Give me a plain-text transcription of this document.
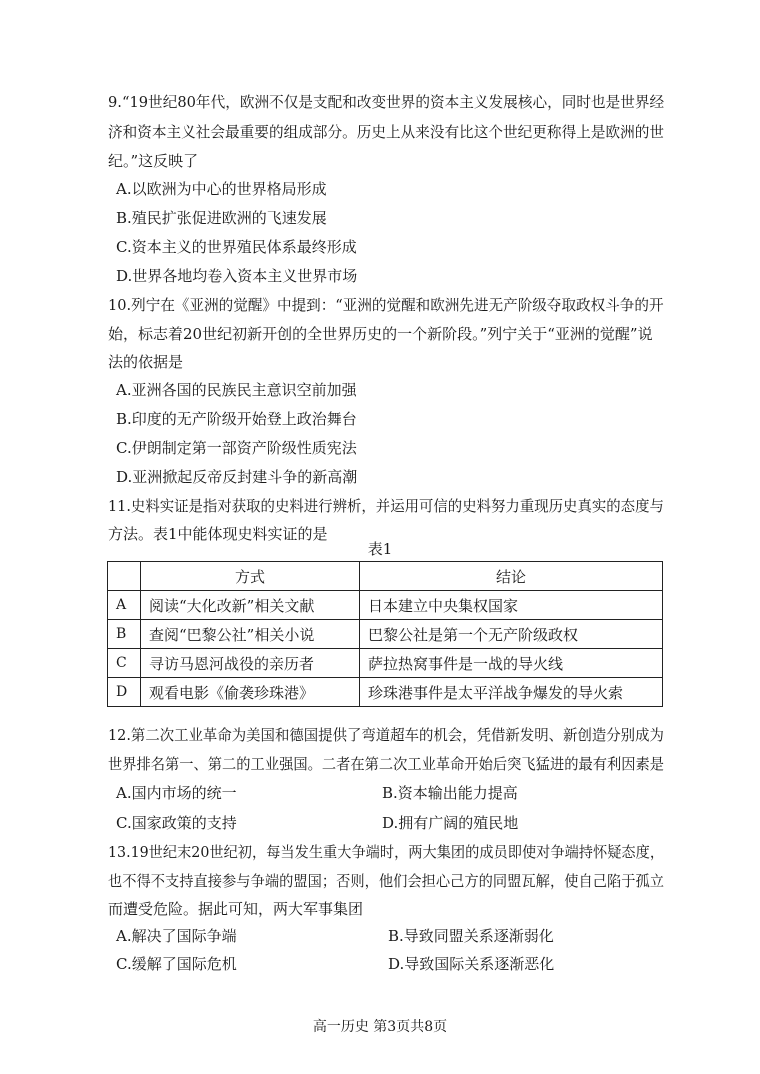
9.“19世纪80年代，欧洲不仅是支配和改变世界的资本主义发展核心，同时也是世界经
济和资本主义社会最重要的组成部分。历史上从来没有比这个世纪更称得上是欧洲的世
纪。”这反映了
A.以欧洲为中心的世界格局形成
B.殖民扩张促进欧洲的飞速发展
C.资本主义的世界殖民体系最终形成
D.世界各地均卷入资本主义世界市场
10.列宁在《亚洲的觉醒》中提到：“亚洲的觉醒和欧洲先进无产阶级夺取政权斗争的开
始，标志着20世纪初新开创的全世界历史的一个新阶段。”列宁关于“亚洲的觉醒”说
法的依据是
A.亚洲各国的民族民主意识空前加强
B.印度的无产阶级开始登上政治舞台
C.伊朗制定第一部资产阶级性质宪法
D.亚洲掀起反帝反封建斗争的新高潮
11.史料实证是指对获取的史料进行辨析，并运用可信的史料努力重现历史真实的态度与
方法。表1中能体现史料实证的是
表1
	方式	结论
A	阅读“大化改新”相关文献	日本建立中央集权国家
B	查阅“巴黎公社”相关小说	巴黎公社是第一个无产阶级政权
C	寻访马恩河战役的亲历者	萨拉热窝事件是一战的导火线
D	观看电影《偷袭珍珠港》	珍珠港事件是太平洋战争爆发的导火索
12.第二次工业革命为美国和德国提供了弯道超车的机会，凭借新发明、新创造分别成为
世界排名第一、第二的工业强国。二者在第二次工业革命开始后突飞猛进的最有利因素是
A.国内市场的统一	B.资本输出能力提高
C.国家政策的支持	D.拥有广阔的殖民地
13.19世纪末20世纪初，每当发生重大争端时，两大集团的成员即使对争端持怀疑态度，
也不得不支持直接参与争端的盟国；否则，他们会担心己方的同盟瓦解，使自己陷于孤立
而遭受危险。据此可知，两大军事集团
A.解决了国际争端	B.导致同盟关系逐渐弱化
C.缓解了国际危机	D.导致国际关系逐渐恶化
高一历史 第3页共8页
